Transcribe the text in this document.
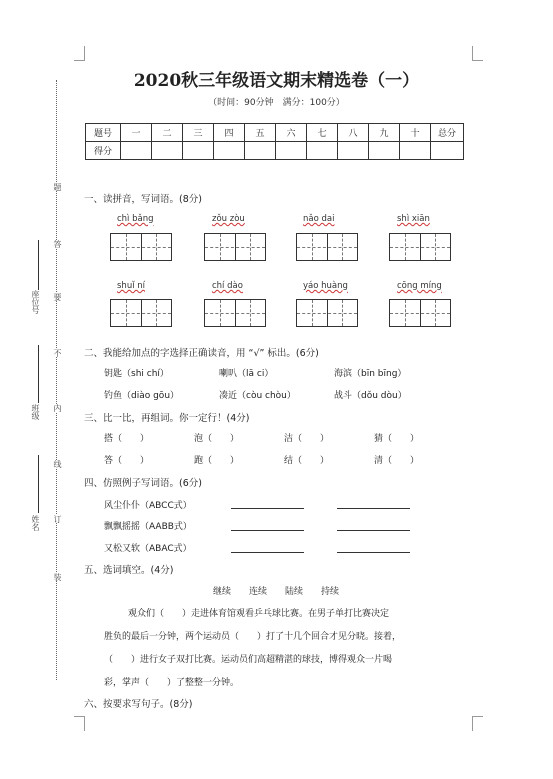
座位号
班级
姓名
题
答
要
不
内
线
订
装
2020秋三年级语文期末精选卷（一）
（时间：90分钟　满分：100分）
题号	一	二	三	四	五	六	七	八	九	十	总分
得分											
一、读拼音，写词语。(8分)
chì bǎng	zǒu zòu	nǎo dai	shì xiān
shuǐ ní	chí dào	yáo huàng	cōng míng
二、我能给加点的字选择正确读音，用 “√” 标出。(6分)
钥匙（shi chí）	喇叭（lā ci）	海滨（bīn bīng）
钓鱼（diào gōu）	凑近（còu chòu）	战斗（dǒu dòu）
三、比一比，再组词。你一定行！(4分)
搭（　　）	泡（　　）	洁（　　）	猜（　　）
答（　　）	跑（　　）	结（　　）	清（　　）
四、仿照例子写词语。(6分)
风尘仆仆（ABCC式）
飘飘摇摇（AABB式）
又松又软（ABAC式）
五、选词填空。(4分)
继续　　连续　　陆续　　持续
观众们（　　）走进体育馆观看乒乓球比赛。在男子单打比赛决定
胜负的最后一分钟，两个运动员（　　）打了十几个回合才见分晓。接着，
（　　）进行女子双打比赛。运动员们高超精湛的球技，博得观众一片喝
彩，掌声（　　）了整整一分钟。
六、按要求写句子。(8分)
